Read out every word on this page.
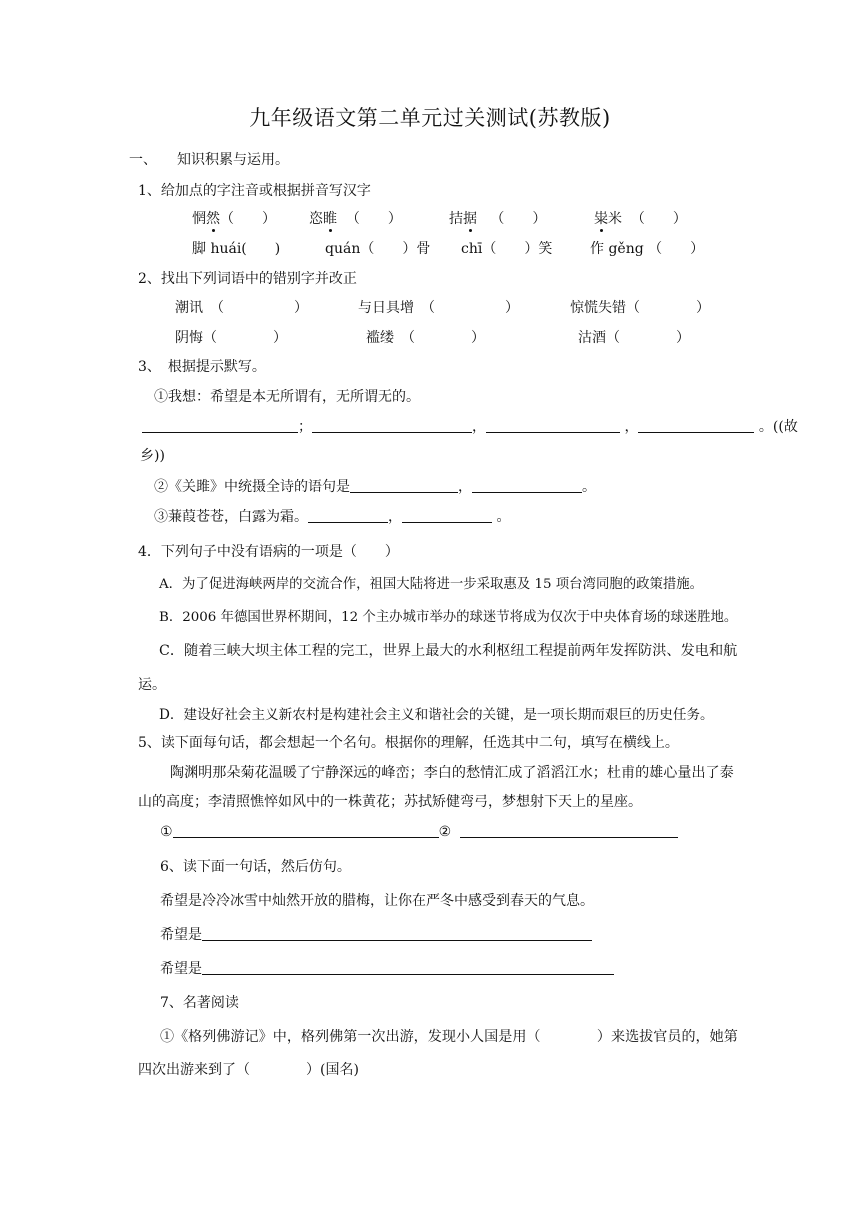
九年级语文第二单元过关测试(苏教版)
一、 知识积累与运用。
1、给加点的字注音或根据拼音写汉字
惘然（　　） 恣睢 （　　）	拮据 （　　）	粜米 （　　）
脚 huái(　　)	quán（　　）骨 chī（　　）笑	作 gěng （　　）
2、找出下列词语中的错别字并改正
潮讯　（　　　　　）	与日具增　（　　　　　）	惊慌失错（　　　　）
阴悔（　　　　）	褴缕　（　　　　）	沽酒（　　　　）
3、　根据提示默写。
①我想：希望是本无所谓有，无所谓无的。
；	，	，	。((故
乡))
②《关雎》中统摄全诗的语句是	，	。
③蒹葭苍苍，白露为霜。	，	。
4．下列句子中没有语病的一项是（　　）
A．为了促进海峡两岸的交流合作，祖国大陆将进一步采取惠及 15 项台湾同胞的政策措施。
B．2006 年德国世界杯期间，12 个主办城市举办的球迷节将成为仅次于中央体育场的球迷胜地。
C．随着三峡大坝主体工程的完工，世界上最大的水利枢纽工程提前两年发挥防洪、发电和航
运。
D．建设好社会主义新农村是构建社会主义和谐社会的关键，是一项长期而艰巨的历史任务。
5、读下面每句话，都会想起一个名句。根据你的理解，任选其中二句，填写在横线上。
陶渊明那朵菊花温暖了宁静深远的峰峦；李白的愁情汇成了滔滔江水；杜甫的雄心量出了泰
山的高度；李清照憔悴如风中的一株黄花；苏拭矫健弯弓，梦想射下天上的星座。
①	②
6、读下面一句话，然后仿句。
希望是冷冷冰雪中灿然开放的腊梅，让你在严冬中感受到春天的气息。
希望是
希望是
7、名著阅读
①《格列佛游记》中，格列佛第一次出游，发现小人国是用（　　　　）来选拔官员的，她第
四次出游来到了（　　　　）(国名)
